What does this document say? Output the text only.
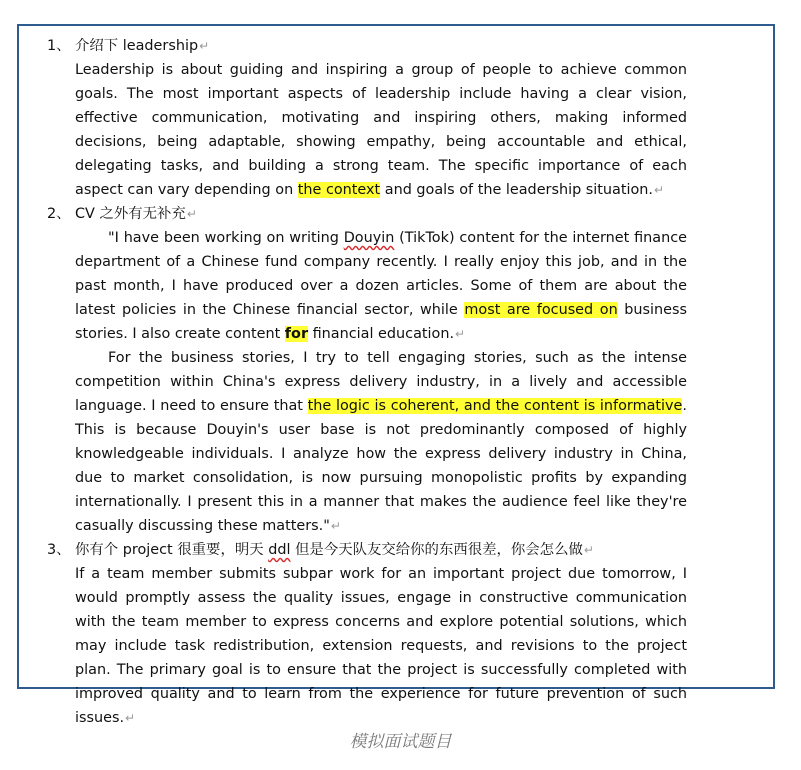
1、 介绍下 leadership↵

Leadership is about guiding and inspiring a group of people to achieve common goals. The most important aspects of leadership include having a clear vision, effective communication, motivating and inspiring others, making informed decisions, being adaptable, showing empathy, being accountable and ethical, delegating tasks, and building a strong team. The specific importance of each aspect can vary depending on the context and goals of the leadership situation.↵

2、 CV 之外有无补充↵

"I have been working on writing Douyin (TikTok) content for the internet finance department of a Chinese fund company recently. I really enjoy this job, and in the past month, I have produced over a dozen articles. Some of them are about the latest policies in the Chinese financial sector, while most are focused on business stories. I also create content for financial education.↵

For the business stories, I try to tell engaging stories, such as the intense competition within China's express delivery industry, in a lively and accessible language. I need to ensure that the logic is coherent, and the content is informative. This is because Douyin's user base is not predominantly composed of highly knowledgeable individuals. I analyze how the express delivery industry in China, due to market consolidation, is now pursuing monopolistic profits by expanding internationally. I present this in a manner that makes the audience feel like they're casually discussing these matters."↵

3、 你有个 project 很重要，明天 ddl 但是今天队友交给你的东西很差，你会怎么做↵

If a team member submits subpar work for an important project due tomorrow, I would promptly assess the quality issues, engage in constructive communication with the team member to express concerns and explore potential solutions, which may include task redistribution, extension requests, and revisions to the project plan. The primary goal is to ensure that the project is successfully completed with improved quality and to learn from the experience for future prevention of such issues.↵

模拟面试题目
